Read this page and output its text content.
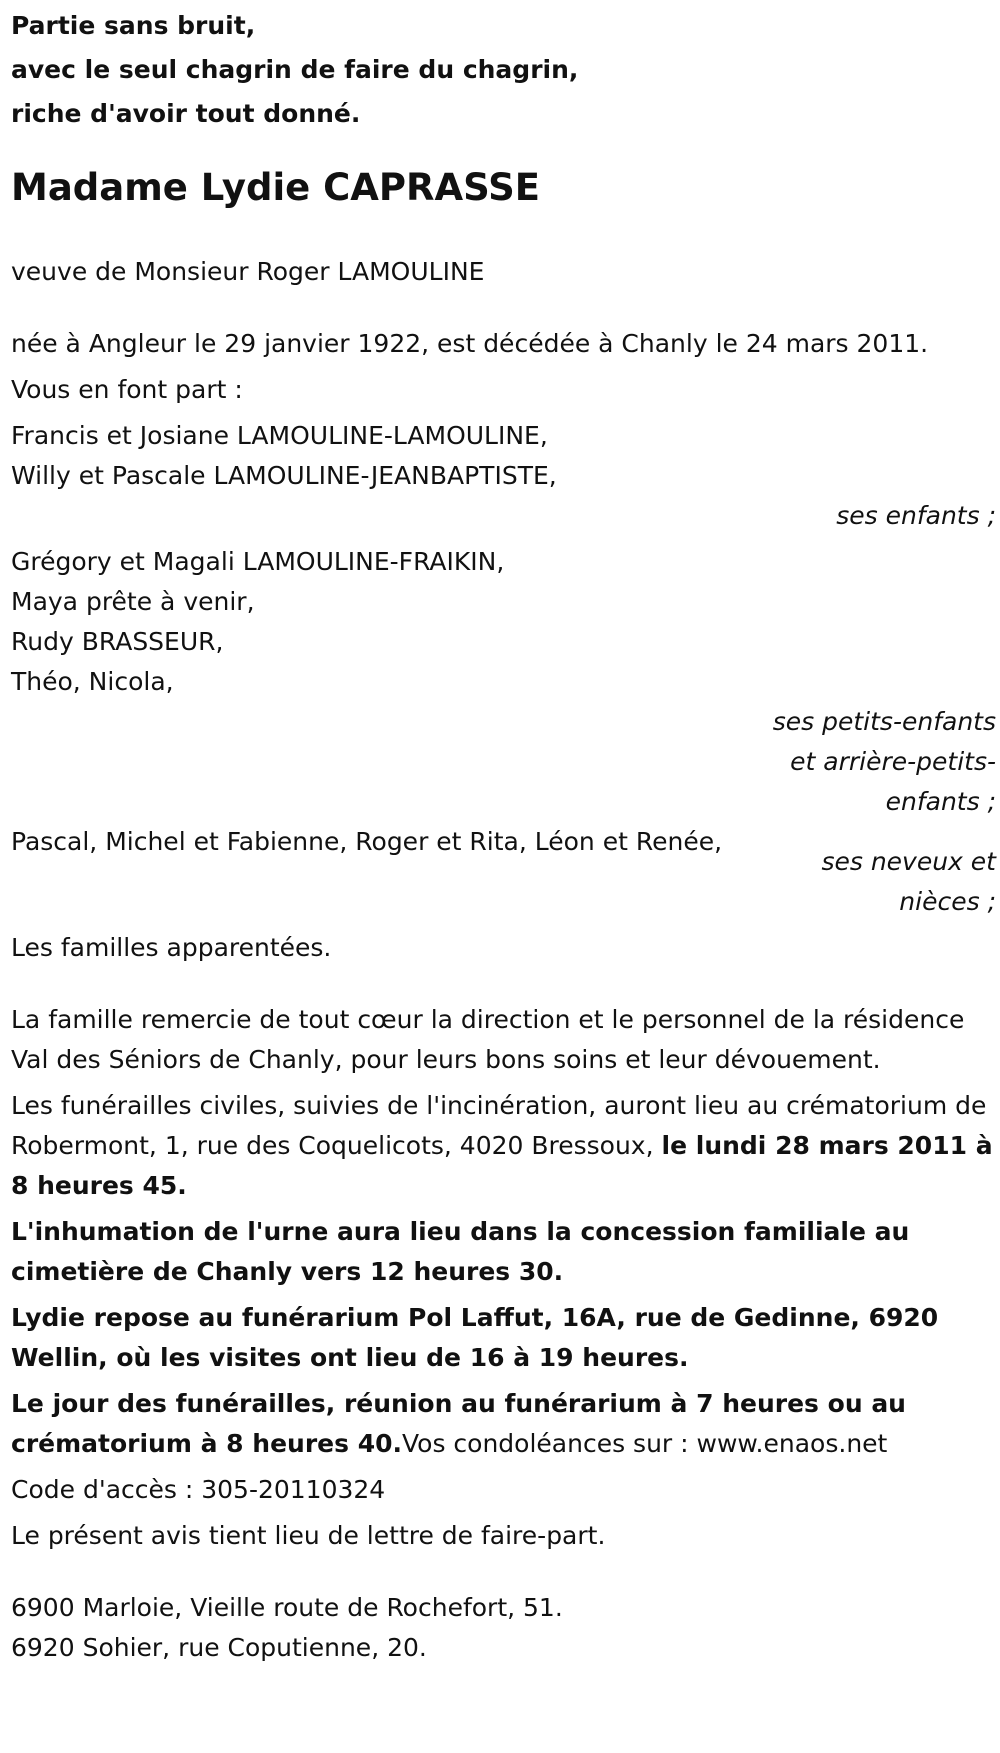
Partie sans bruit,

avec le seul chagrin de faire du chagrin,

riche d'avoir tout donné.

Madame Lydie CAPRASSE

veuve de Monsieur Roger LAMOULINE

née à Angleur le 29 janvier 1922, est décédée à Chanly le 24 mars 2011.

Vous en font part :

Francis et Josiane LAMOULINE-LAMOULINE,

Willy et Pascale LAMOULINE-JEANBAPTISTE,

ses enfants ;

Grégory et Magali LAMOULINE-FRAIKIN,

Maya prête à venir,

Rudy BRASSEUR,

Théo, Nicola,

ses petits-enfants

et arrière-petits-

enfants ;

Pascal, Michel et Fabienne, Roger et Rita, Léon et Renée,

ses neveux et

nièces ;

Les familles apparentées.

La famille remercie de tout cœur la direction et le personnel de la résidence Val des Séniors de Chanly, pour leurs bons soins et leur dévouement.

Les funérailles civiles, suivies de l'incinération, auront lieu au crématorium de Robermont, 1, rue des Coquelicots, 4020 Bressoux, le lundi 28 mars 2011 à 8 heures 45.

L'inhumation de l'urne aura lieu dans la concession familiale au cimetière de Chanly vers 12 heures 30.

Lydie repose au funérarium Pol Laffut, 16A, rue de Gedinne, 6920 Wellin, où les visites ont lieu de 16 à 19 heures.

Le jour des funérailles, réunion au funérarium à 7 heures ou au crématorium à 8 heures 40.Vos condoléances sur : www.enaos.net

Code d'accès : 305-20110324

Le présent avis tient lieu de lettre de faire-part.

6900 Marloie, Vieille route de Rochefort, 51.

6920 Sohier, rue Coputienne, 20.
